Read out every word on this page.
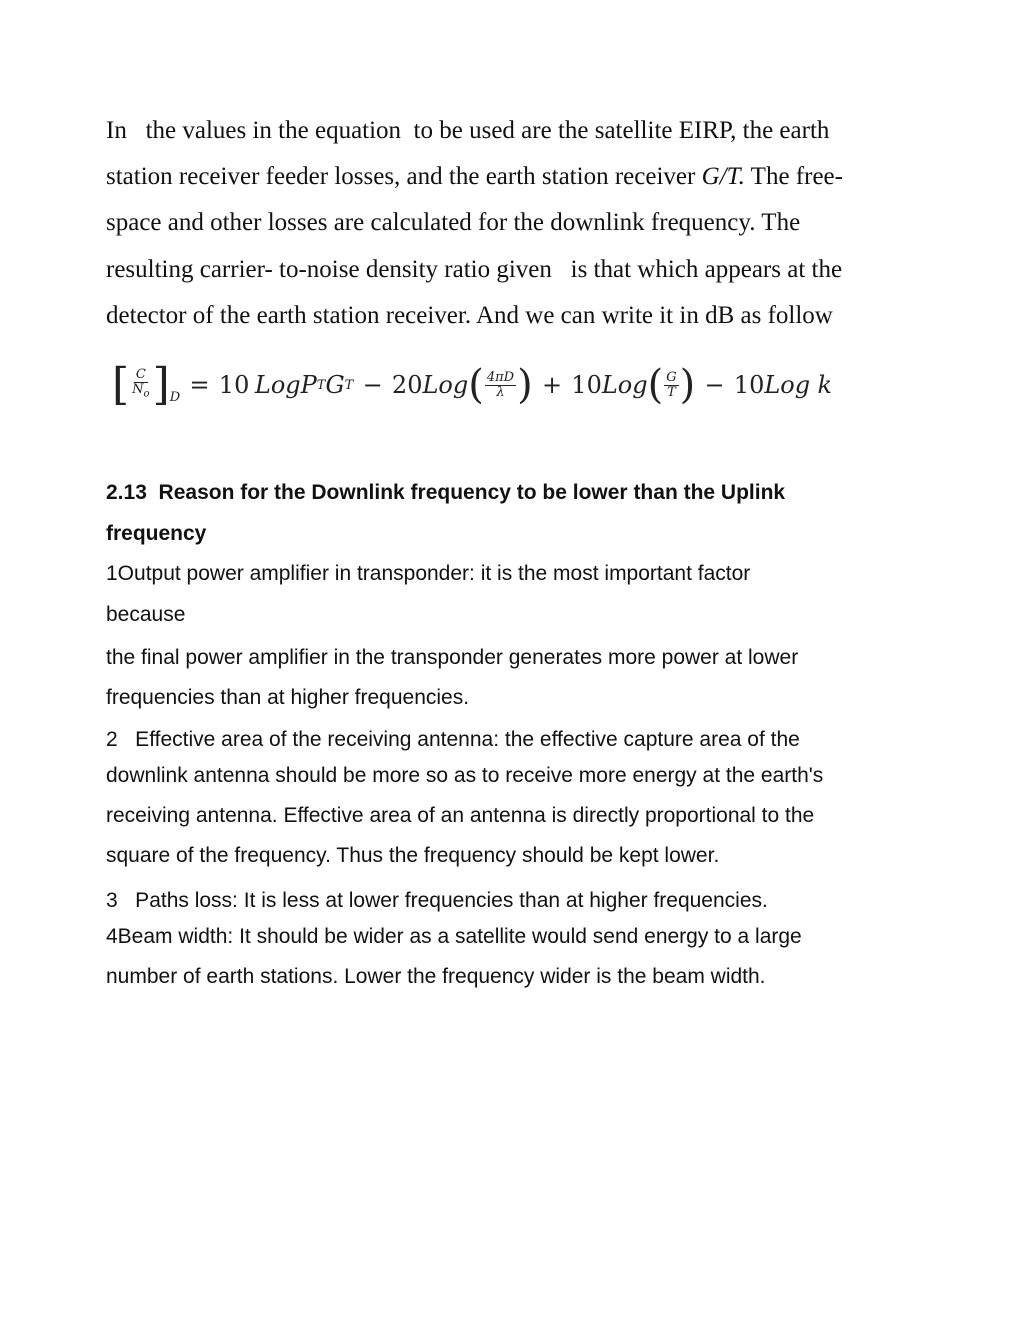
In   the values in the equation  to be used are the satellite EIRP, the earth
station receiver feeder losses, and the earth station receiver G/T. The free-
space and other losses are calculated for the downlink frequency. The
resulting carrier- to-noise density ratio given   is that which appears at the
detector of the earth station receiver. And we can write it in dB as follow
[ $\frac{C}{N_o}$ ] D = 10 Log P T G T − 20 Log ( $\frac{4\pi D}{\lambda}$ ) + 10 Log ( $\frac{G}{T}$ ) − 10 Log k
2.13  Reason for the Downlink frequency to be lower than the Uplink
frequency
1Output power amplifier in transponder: it is the most important factor
because
the final power amplifier in the transponder generates more power at lower
frequencies than at higher frequencies.
2   Effective area of the receiving antenna: the effective capture area of the
downlink antenna should be more so as to receive more energy at the earth's
receiving antenna. Effective area of an antenna is directly proportional to the
square of the frequency. Thus the frequency should be kept lower.
3   Paths loss: It is less at lower frequencies than at higher frequencies.
4Beam width: It should be wider as a satellite would send energy to a large
number of earth stations. Lower the frequency wider is the beam width.
